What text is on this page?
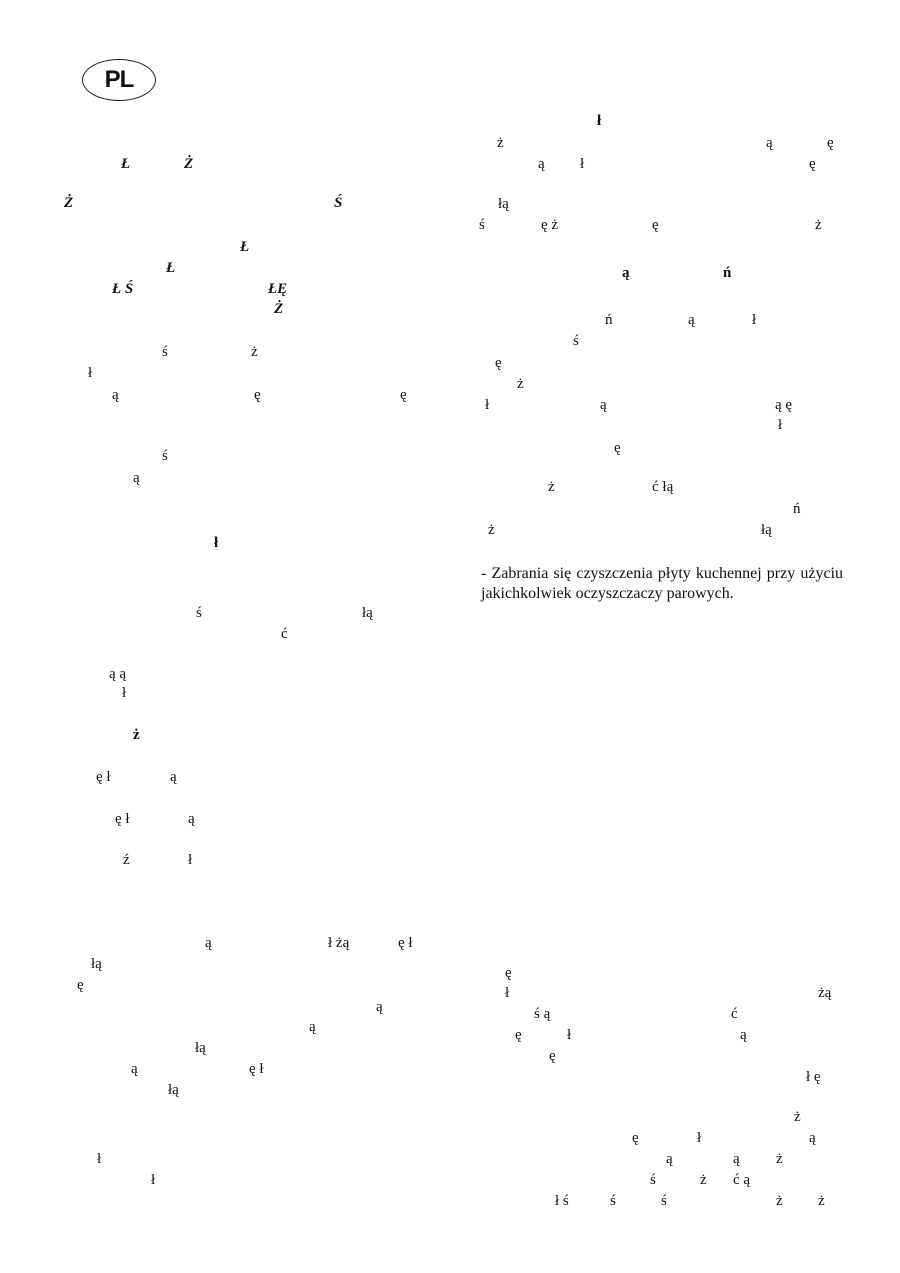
PL
Ł	Ż
Ż	Ś
Ł
Ł
Ł Ś	ŁĘ
Ż
ś	ż
ł
ą	ę	ę
ś
ą
ł
ś	łą
ć
ą ą
ł
ż
ę ł	ą
ę ł	ą
ź	ł
ą	ł żą	ę ł
łą
ę
ą
ą
łą
ą	ę ł
łą
ł
ł
ł
ż	ą	ę
ą ł	ę
łą
ś	ę ż	ę	ż
ą	ń
ń	ą	ł
ś
ę
ż
ł	ą	ą ę
ł
ę
ż	ć łą
ń
ż	łą
- Zabrania się czyszczenia płyty kuchennej przy użyciu jakichkolwiek oczyszczaczy parowych.
ę
ł	żą
ś ą	ć
ę	ł	ą
ę
ł ę
ż
ę	ł	ą
ą	ą ż
ś	ż ć ą
ł ś	ś	ś	ż ż
